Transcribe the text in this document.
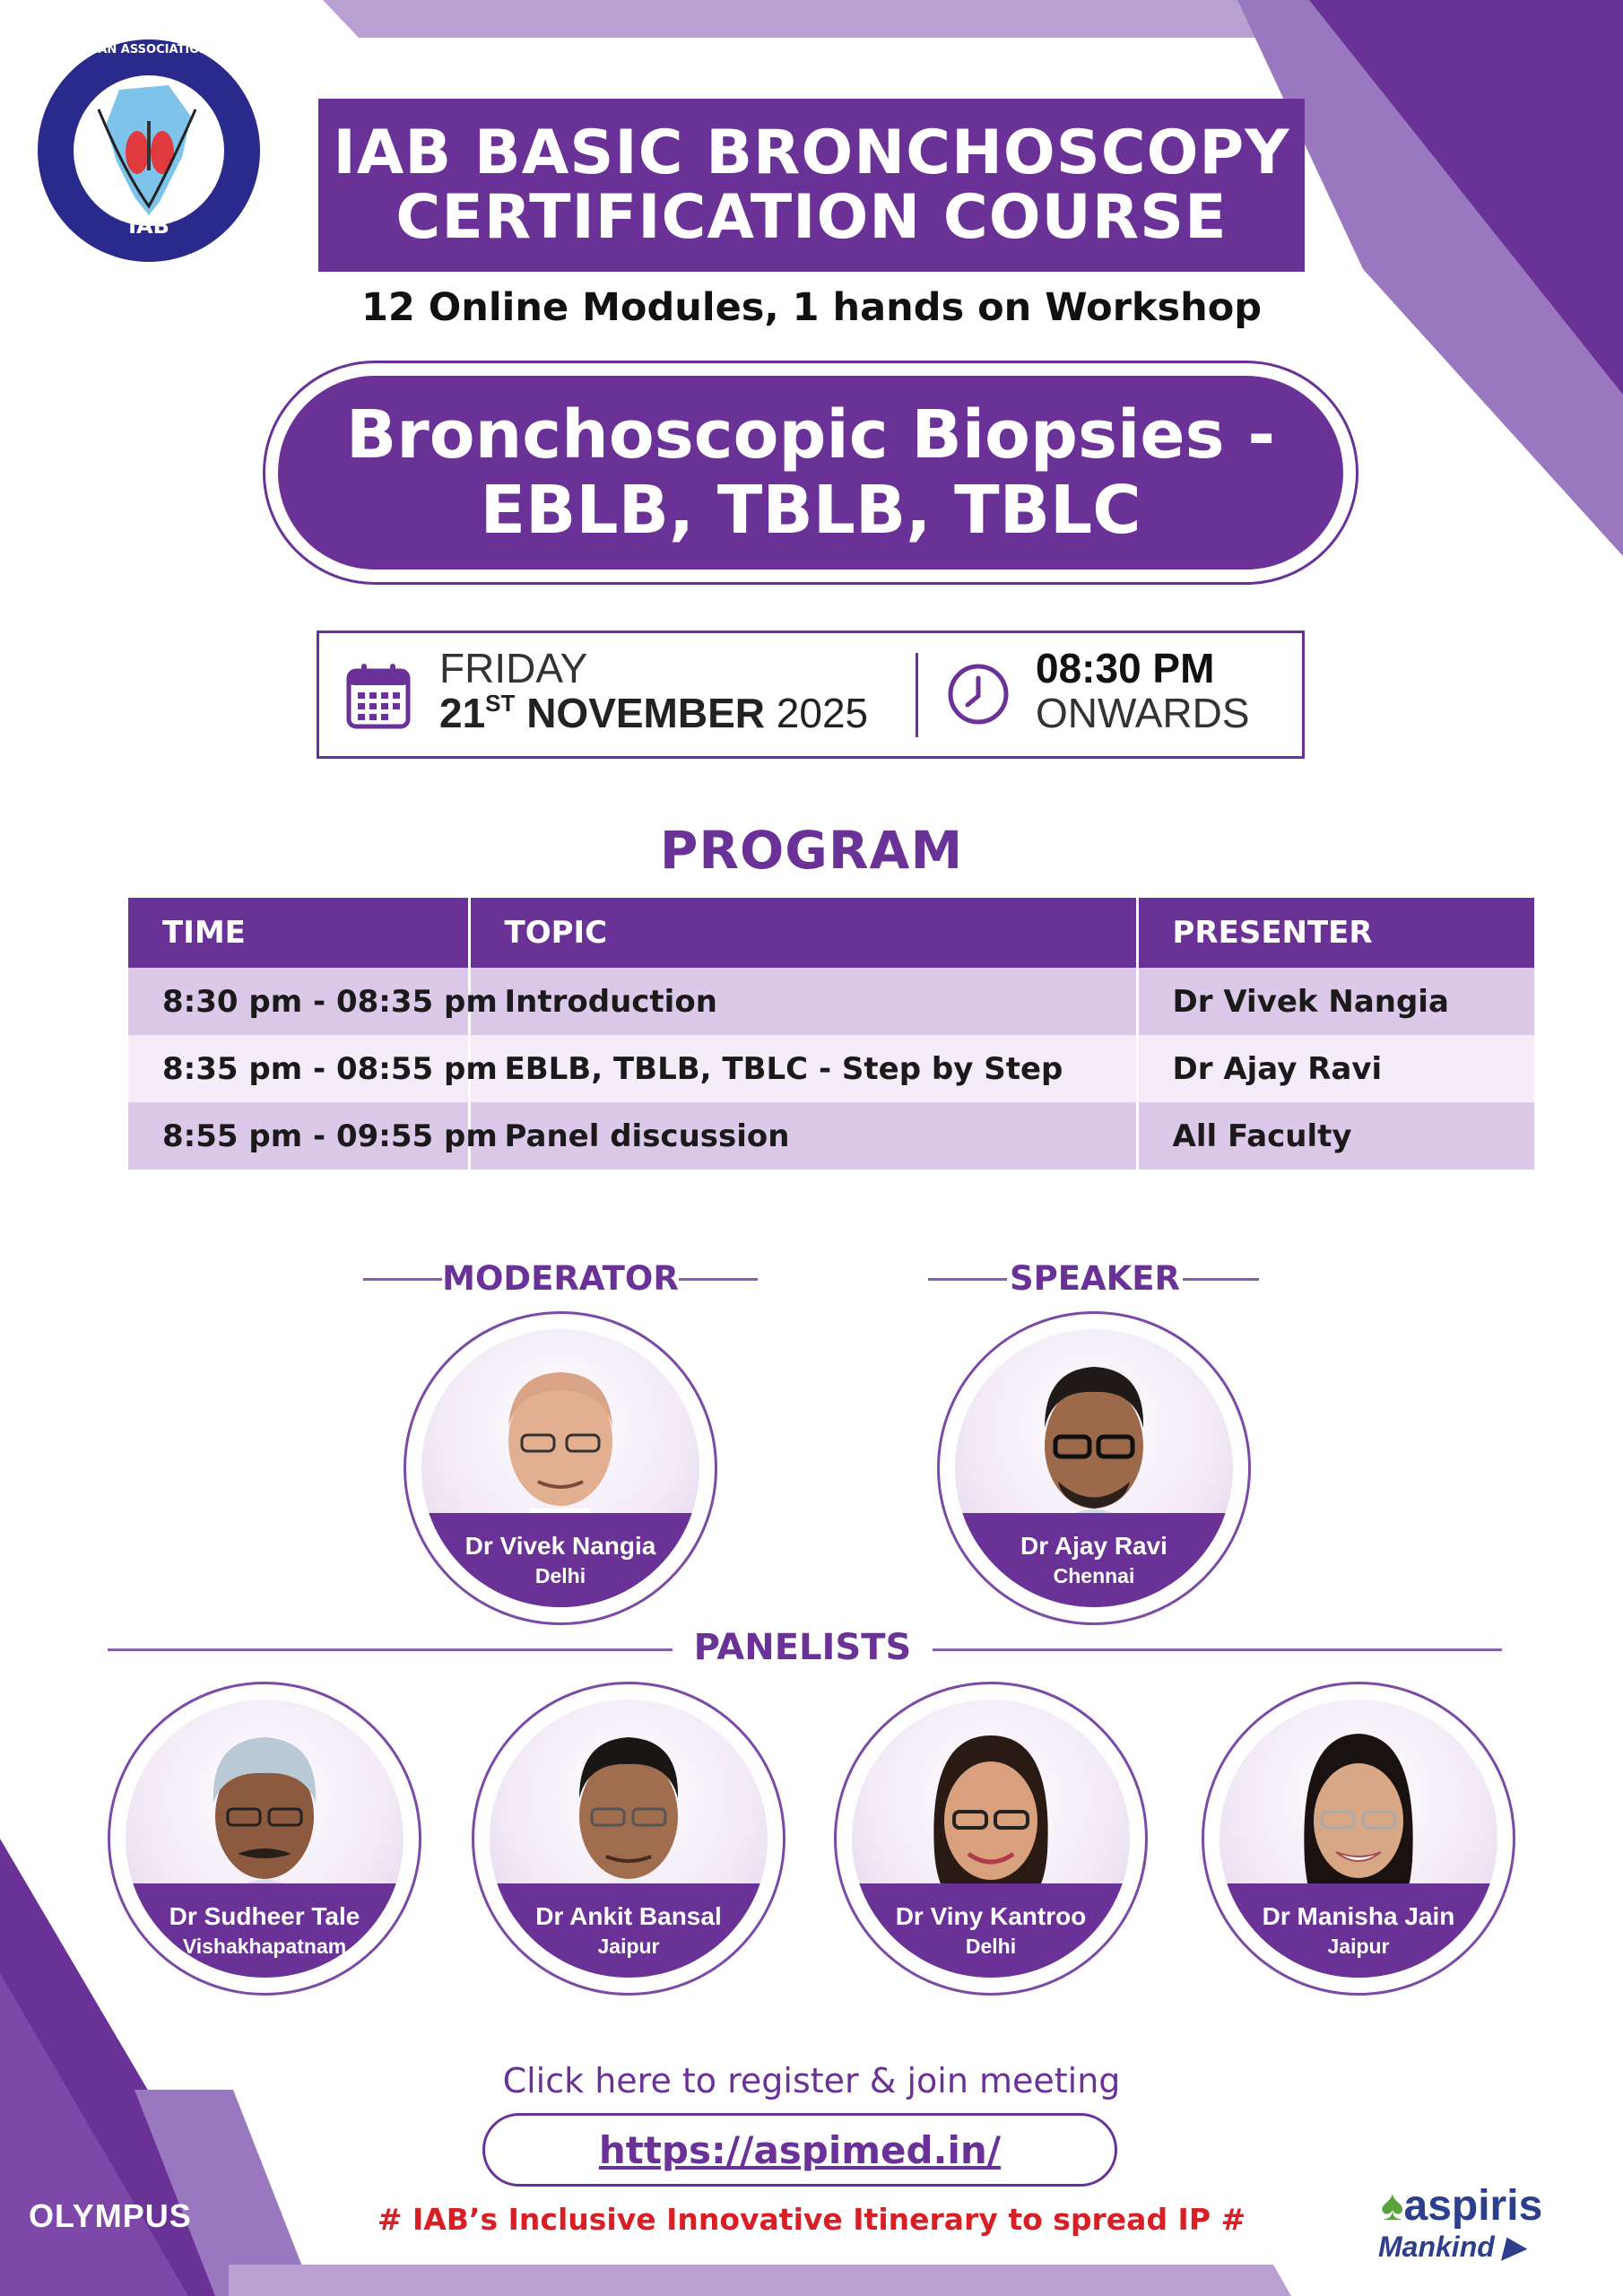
IAB
INDIAN ASSOCIATION FOR BRONCHOLOGY
IAB BASIC BRONCHOSCOPY
CERTIFICATION COURSE
12 Online Modules, 1 hands on Workshop
Bronchoscopic Biopsies -
EBLB, TBLB, TBLC
FRIDAY
21ST NOVEMBER 2025
08:30 PM
ONWARDS
PROGRAM
TIME	TOPIC	PRESENTER
8:30 pm - 08:35 pm	Introduction	Dr Vivek Nangia
8:35 pm - 08:55 pm	EBLB, TBLB, TBLC - Step by Step	Dr Ajay Ravi
8:55 pm - 09:55 pm	Panel discussion	All Faculty
MODERATOR	SPEAKER
Dr Vivek Nangia
Delhi
Dr Ajay Ravi
Chennai
PANELISTS
Dr Sudheer Tale
Vishakhapatnam
Dr Ankit Bansal
Jaipur
Dr Viny Kantroo
Delhi
Dr Manisha Jain
Jaipur
Click here to register & join meeting
https://aspimed.in/
# IAB’s Inclusive Innovative Itinerary to spread IP #
OLYMPUS	♠aspiris
Mankind ▶
